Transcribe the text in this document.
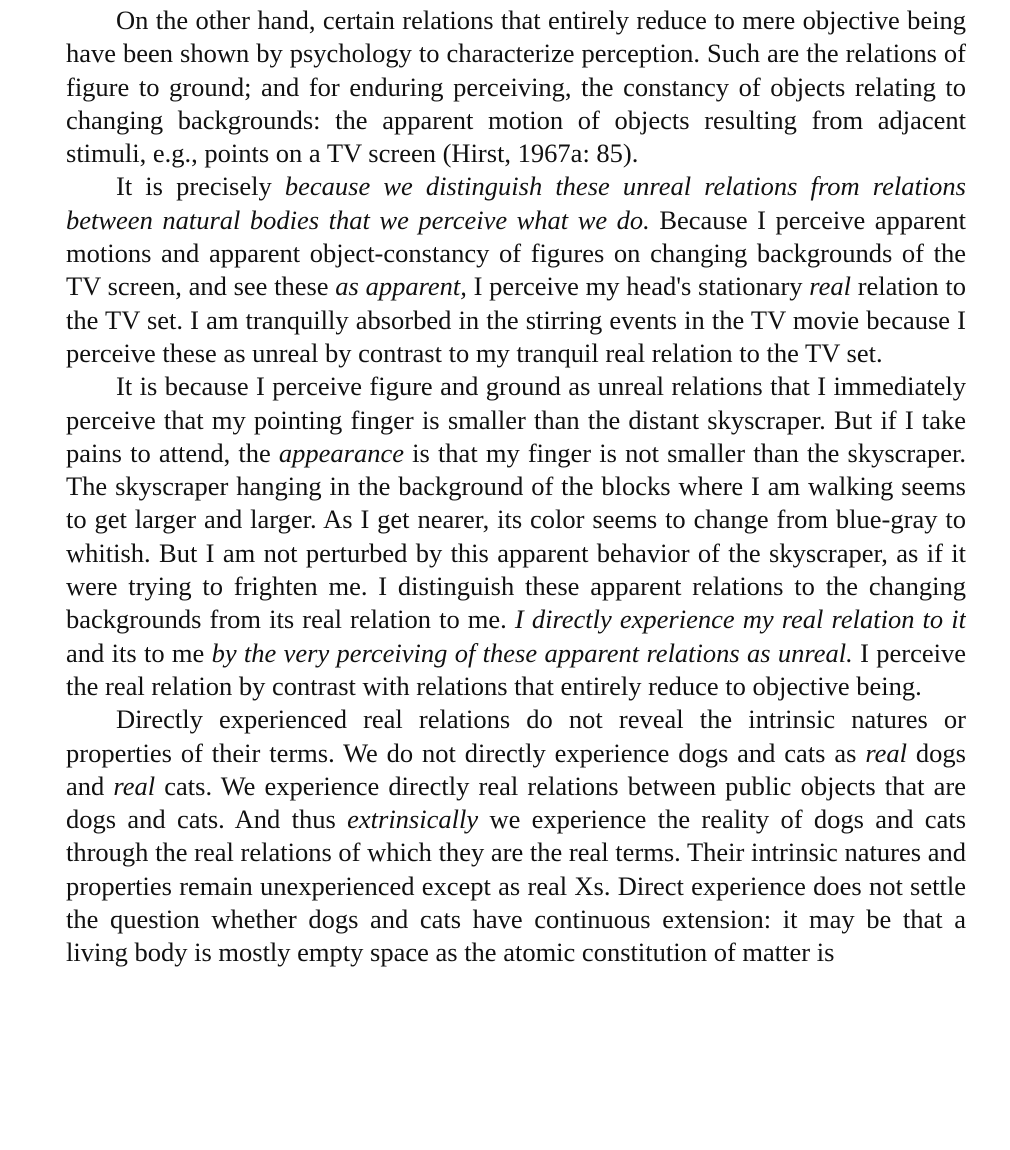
On the other hand, certain relations that entirely reduce to mere objective being have been shown by psychology to characterize perception. Such are the relations of figure to ground; and for enduring perceiving, the constancy of objects relating to changing backgrounds: the apparent motion of objects resulting from adjacent stimuli, e.g., points on a TV screen (Hirst, 1967a: 85).

It is precisely because we distinguish these unreal relations from relations between natural bodies that we perceive what we do. Because I perceive apparent motions and apparent object-constancy of figures on changing backgrounds of the TV screen, and see these as apparent, I perceive my head's stationary real relation to the TV set. I am tranquilly absorbed in the stirring events in the TV movie because I perceive these as unreal by contrast to my tranquil real relation to the TV set.

It is because I perceive figure and ground as unreal relations that I immediately perceive that my pointing finger is smaller than the distant skyscraper. But if I take pains to attend, the appearance is that my finger is not smaller than the skyscraper. The skyscraper hanging in the background of the blocks where I am walking seems to get larger and larger. As I get nearer, its color seems to change from blue-gray to whitish. But I am not perturbed by this apparent behavior of the skyscraper, as if it were trying to frighten me. I distinguish these apparent relations to the changing backgrounds from its real relation to me. I directly experience my real relation to it and its to me by the very perceiving of these apparent relations as unreal. I perceive the real relation by contrast with relations that entirely reduce to objective being.

Directly experienced real relations do not reveal the intrinsic natures or properties of their terms. We do not directly experience dogs and cats as real dogs and real cats. We experience directly real relations between public objects that are dogs and cats. And thus extrinsically we experience the reality of dogs and cats through the real relations of which they are the real terms. Their intrinsic natures and properties remain unexperienced except as real Xs. Direct experience does not settle the question whether dogs and cats have continuous extension: it may be that a living body is mostly empty space as the atomic constitution of matter is
